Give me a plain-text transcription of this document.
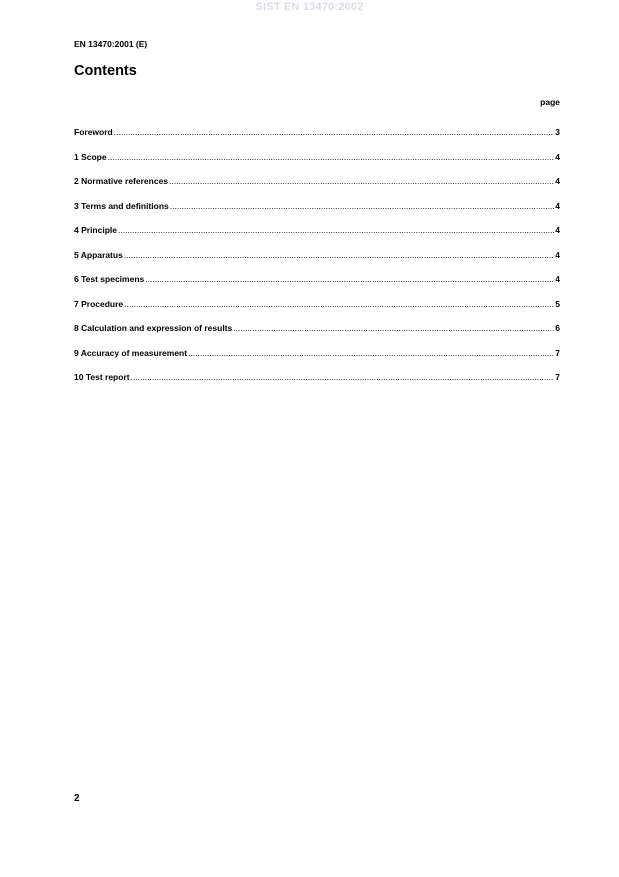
SIST EN 13470:2002
EN 13470:2001 (E)
Contents
page
Foreword .....	3
1 Scope .....	4
2 Normative references .....	4
3 Terms and definitions .....	4
4 Principle .....	4
5 Apparatus .....	4
6 Test specimens .....	4
7 Procedure .....	5
8 Calculation and expression of results .....	6
9 Accuracy of measurement .....	7
10 Test report .....	7
2
